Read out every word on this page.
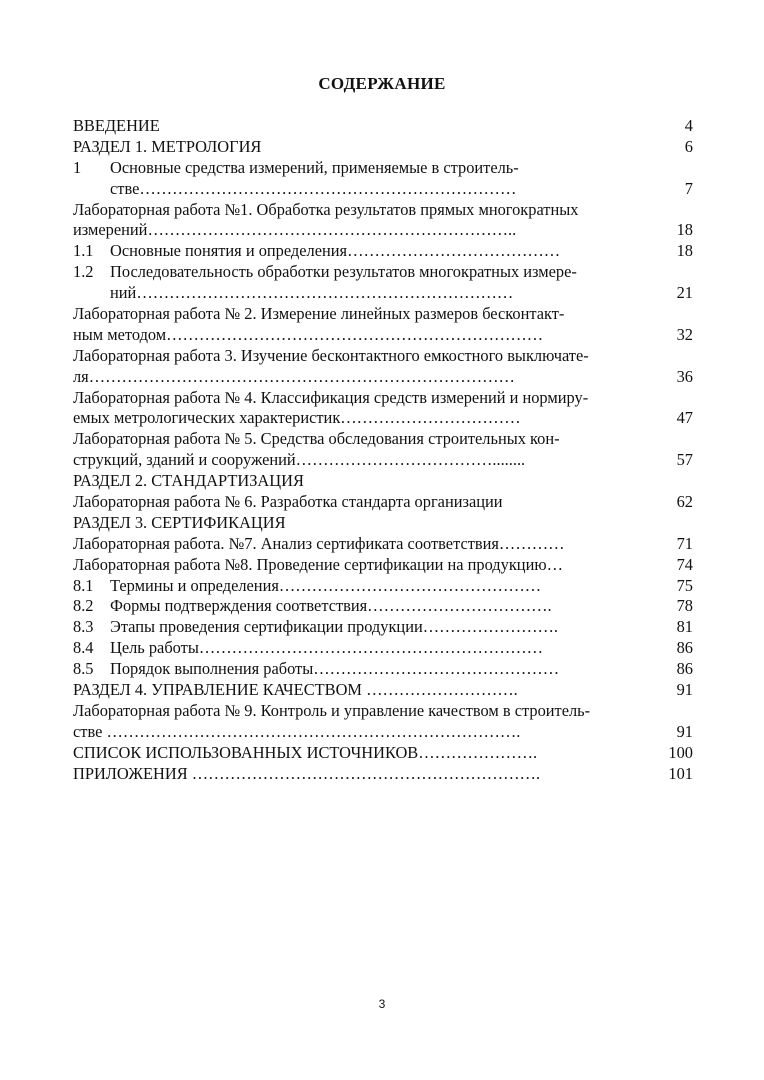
СОДЕРЖАНИЕ
ВВЕДЕНИЕ	4
РАЗДЕЛ 1. МЕТРОЛОГИЯ	6
1 Основные средства измерений, применяемые в строитель-
стве……………………………………………………………	7
Лабораторная работа №1. Обработка результатов прямых многократных
измерений…………………………………………………………..	18
1.1 Основные понятия и определения…………………………………	18
1.2 Последовательность обработки результатов многократных измере-
ний……………………………………………………………	21
Лабораторная работа № 2. Измерение линейных размеров бесконтакт-
ным методом……………………………………………………………	32
Лабораторная работа 3. Изучение бесконтактного емкостного выключате-
ля……………………………………………………………………	36
Лабораторная работа № 4. Классификация средств измерений и нормиру-
емых метрологических характеристик……………………………	47
Лабораторная работа № 5. Средства обследования строительных кон-
струкций, зданий и сооружений………………………………........	57
РАЗДЕЛ 2. СТАНДАРТИЗАЦИЯ
Лабораторная работа № 6. Разработка стандарта организации	62
РАЗДЕЛ 3. СЕРТИФИКАЦИЯ
Лабораторная работа. №7. Анализ сертификата соответствия…………	71
Лабораторная работа №8. Проведение сертификации на продукцию…	74
8.1 Термины и определения…………………………………………	75
8.2 Формы подтверждения соответствия…………………………….	78
8.3 Этапы проведения сертификации продукции…………………….	81
8.4 Цель работы………………………………………………………	86
8.5 Порядок выполнения работы………………………………………	86
РАЗДЕЛ 4. УПРАВЛЕНИЕ КАЧЕСТВОМ ……………………….	91
Лабораторная работа № 9. Контроль и управление качеством в строитель-
стве ………………………………………………………………….	91
СПИСОК ИСПОЛЬЗОВАННЫХ ИСТОЧНИКОВ………………….	100
ПРИЛОЖЕНИЯ ……………………………………………………….	101
3
